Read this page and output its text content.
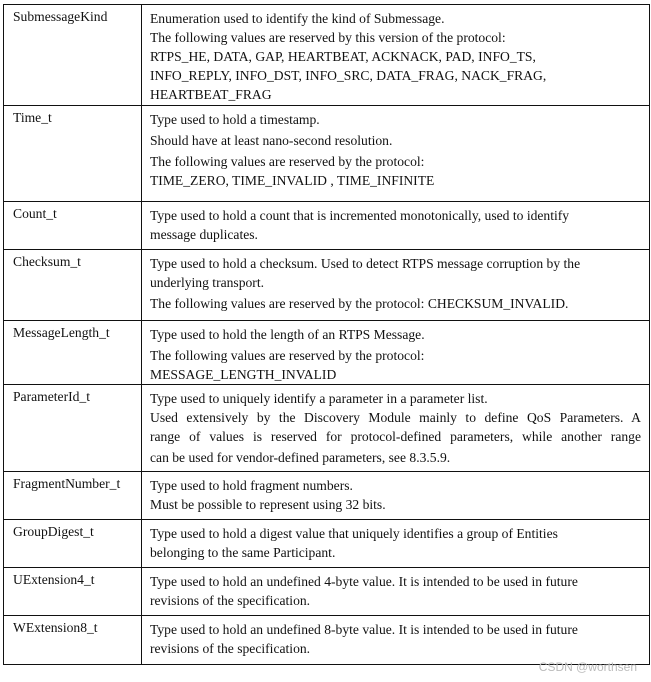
SubmessageKind	Enumeration used to identify the kind of Submessage.
The following values are reserved by this version of the protocol:
RTPS_HE, DATA, GAP, HEARTBEAT, ACKNACK, PAD, INFO_TS,
INFO_REPLY, INFO_DST, INFO_SRC, DATA_FRAG, NACK_FRAG,
HEARTBEAT_FRAG

Time_t	Type used to hold a timestamp.
Should have at least nano-second resolution.
The following values are reserved by the protocol:
TIME_ZERO, TIME_INVALID , TIME_INFINITE

Count_t	Type used to hold a count that is incremented monotonically, used to identify
message duplicates.

Checksum_t	Type used to hold a checksum. Used to detect RTPS message corruption by the
underlying transport.
The following values are reserved by the protocol: CHECKSUM_INVALID.

MessageLength_t	Type used to hold the length of an RTPS Message.
The following values are reserved by the protocol:
MESSAGE_LENGTH_INVALID

ParameterId_t	Type used to uniquely identify a parameter in a parameter list.
Used extensively by the Discovery Module mainly to define QoS Parameters. A
range of values is reserved for protocol-defined parameters, while another range
can be used for vendor-defined parameters, see 8.3.5.9.

FragmentNumber_t	Type used to hold fragment numbers.
Must be possible to represent using 32 bits.

GroupDigest_t	Type used to hold a digest value that uniquely identifies a group of Entities
belonging to the same Participant.

UExtension4_t	Type used to hold an undefined 4-byte value. It is intended to be used in future
revisions of the specification.

WExtension8_t	Type used to hold an undefined 8-byte value. It is intended to be used in future
revisions of the specification.
CSDN @worthsen
